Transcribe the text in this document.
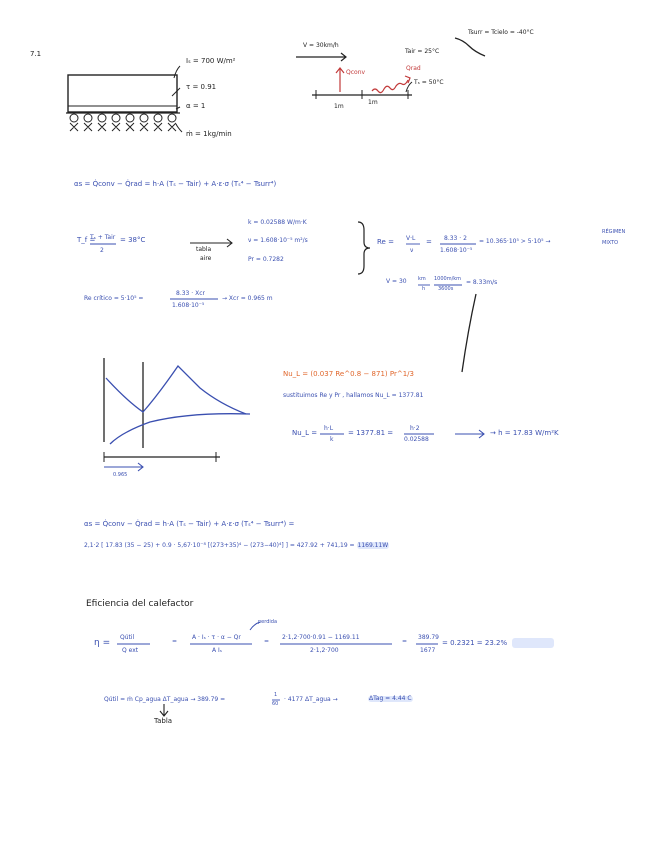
7.1
Iₛ = 700 W/m²
τ = 0.91
α = 1
ṁ = 1kg/min
V = 30km/h
Tsurr = Tcielo = -40°C
Tair = 25°C
Qconv
Qrad
Tₛ = 50°C
1m
1m
αs = Q̇conv − Q̇rad = h·A (Tₛ − Tair) + A·ε·σ (Tₛ⁴ − Tsurr⁴)
T_f =
Tₛ + Tair
2
= 38°C
tabla
aire
k = 0.02588 W/m·K
ν = 1.608·10⁻⁵ m²/s
Pr = 0.7282
Re = V·L
ν
= 8.33 · 2
1.608·10⁻⁵
= 10.365·10⁵ > 5·10⁵ →
RÉGIMEN
MIXTO
V = 30 km
h
1000m/km
3600s
= 8.33m/s
Re crítico = 5·10⁵ =
8.33 · Xcr
1.608·10⁻⁵
→ Xcr = 0.965 m
Nu_L = (0.037 Re^0.8 − 871) Pr^1/3
sustituimos Re y Pr , hallamos Nu_L = 1377.81
Nu_L =
h·L
k
= 1377.81 =
h·2
0.02588
→ h = 17.83 W/m²K
0.965
αs = Q̇conv − Q̇rad = h·A (Tₛ − Tair) + A·ε·σ (Tₛ⁴ − Tsurr⁴) =
2,1·2 [ 17.83 (35 − 25) + 0.9 · 5,67·10⁻⁸ [(273+35)⁴ − (273−40)⁴] ] = 427.92 + 741,19 = 1169.11W
Eficiencia del calefactor
perdida
η =
Qútil
Q ext
=
A · Iₛ · τ · α − Qr
A Iₛ
=
2·1,2·700·0.91 − 1169.11
2·1,2·700
=
389.79
1677
= 0.2321 = 23.2%
Qútil = ṁ Cp_agua ΔT_agua → 389.79 =
1
60
· 4177 ΔT_agua →	ΔTag = 4.44 C
Tabla
